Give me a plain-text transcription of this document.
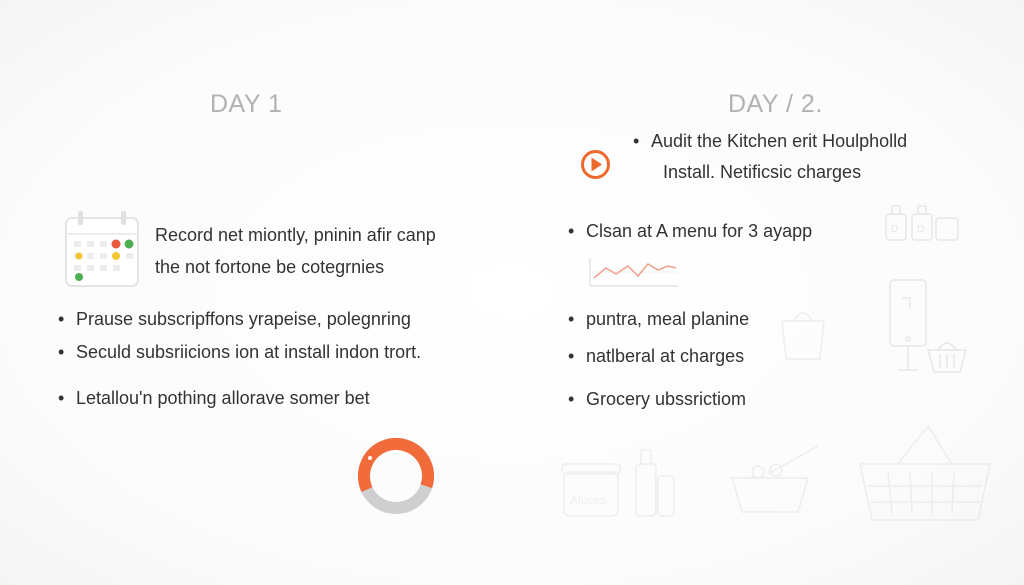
DAY 1
Record net miontly, pninin afir canp
the not fortone be cotegrnies
• Prause subscripffons yrapeise, polegnring
• Seculd subsriicions ion at install indon trort.
• Letallou'n pothing allorave somer bet
DAY / 2.
• Audit the Kitchen erit Houlpholld
Install. Netificsic charges
• Clsan at A menu for 3 ayapp
• puntra, meal planine
• natlberal at charges
• Grocery ubssrictiom
D D
Aluces
